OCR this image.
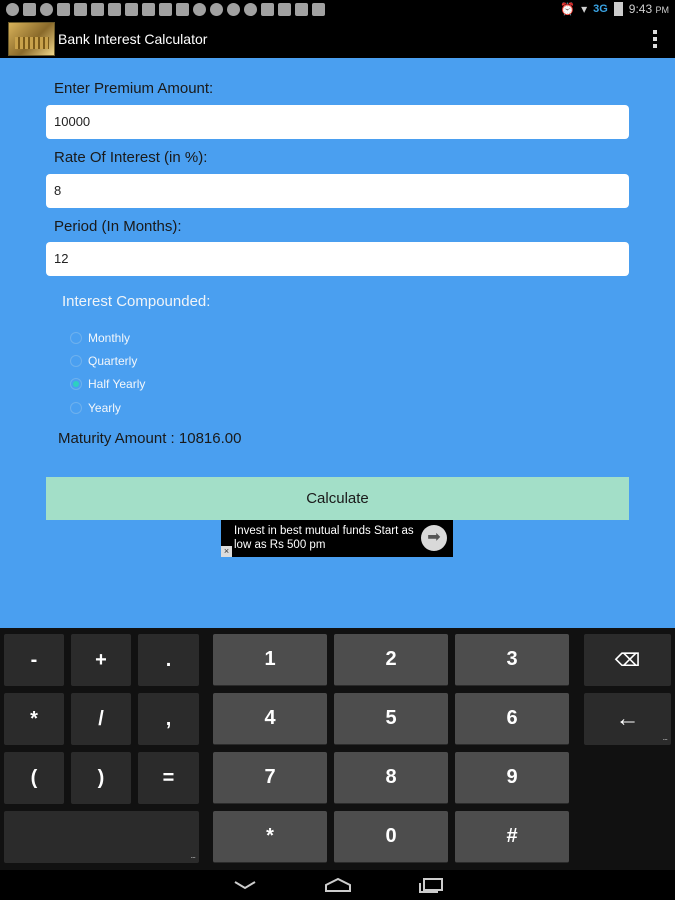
⏰ ▾ 3G 9:43 PM
Bank Interest Calculator
Enter Premium Amount:
10000
Rate Of Interest (in %):
8
Period (In Months):
12
Interest Compounded:
Monthly
Quarterly
Half Yearly
Yearly
Maturity Amount : 10816.00
Calculate
Invest in best mutual funds Start as low as Rs 500 pm	➡
×
-	+	.	1	2	3	⌫
*	/	,	4	5	6	←
...
(	)	=	7	8	9
...
*	0	#
